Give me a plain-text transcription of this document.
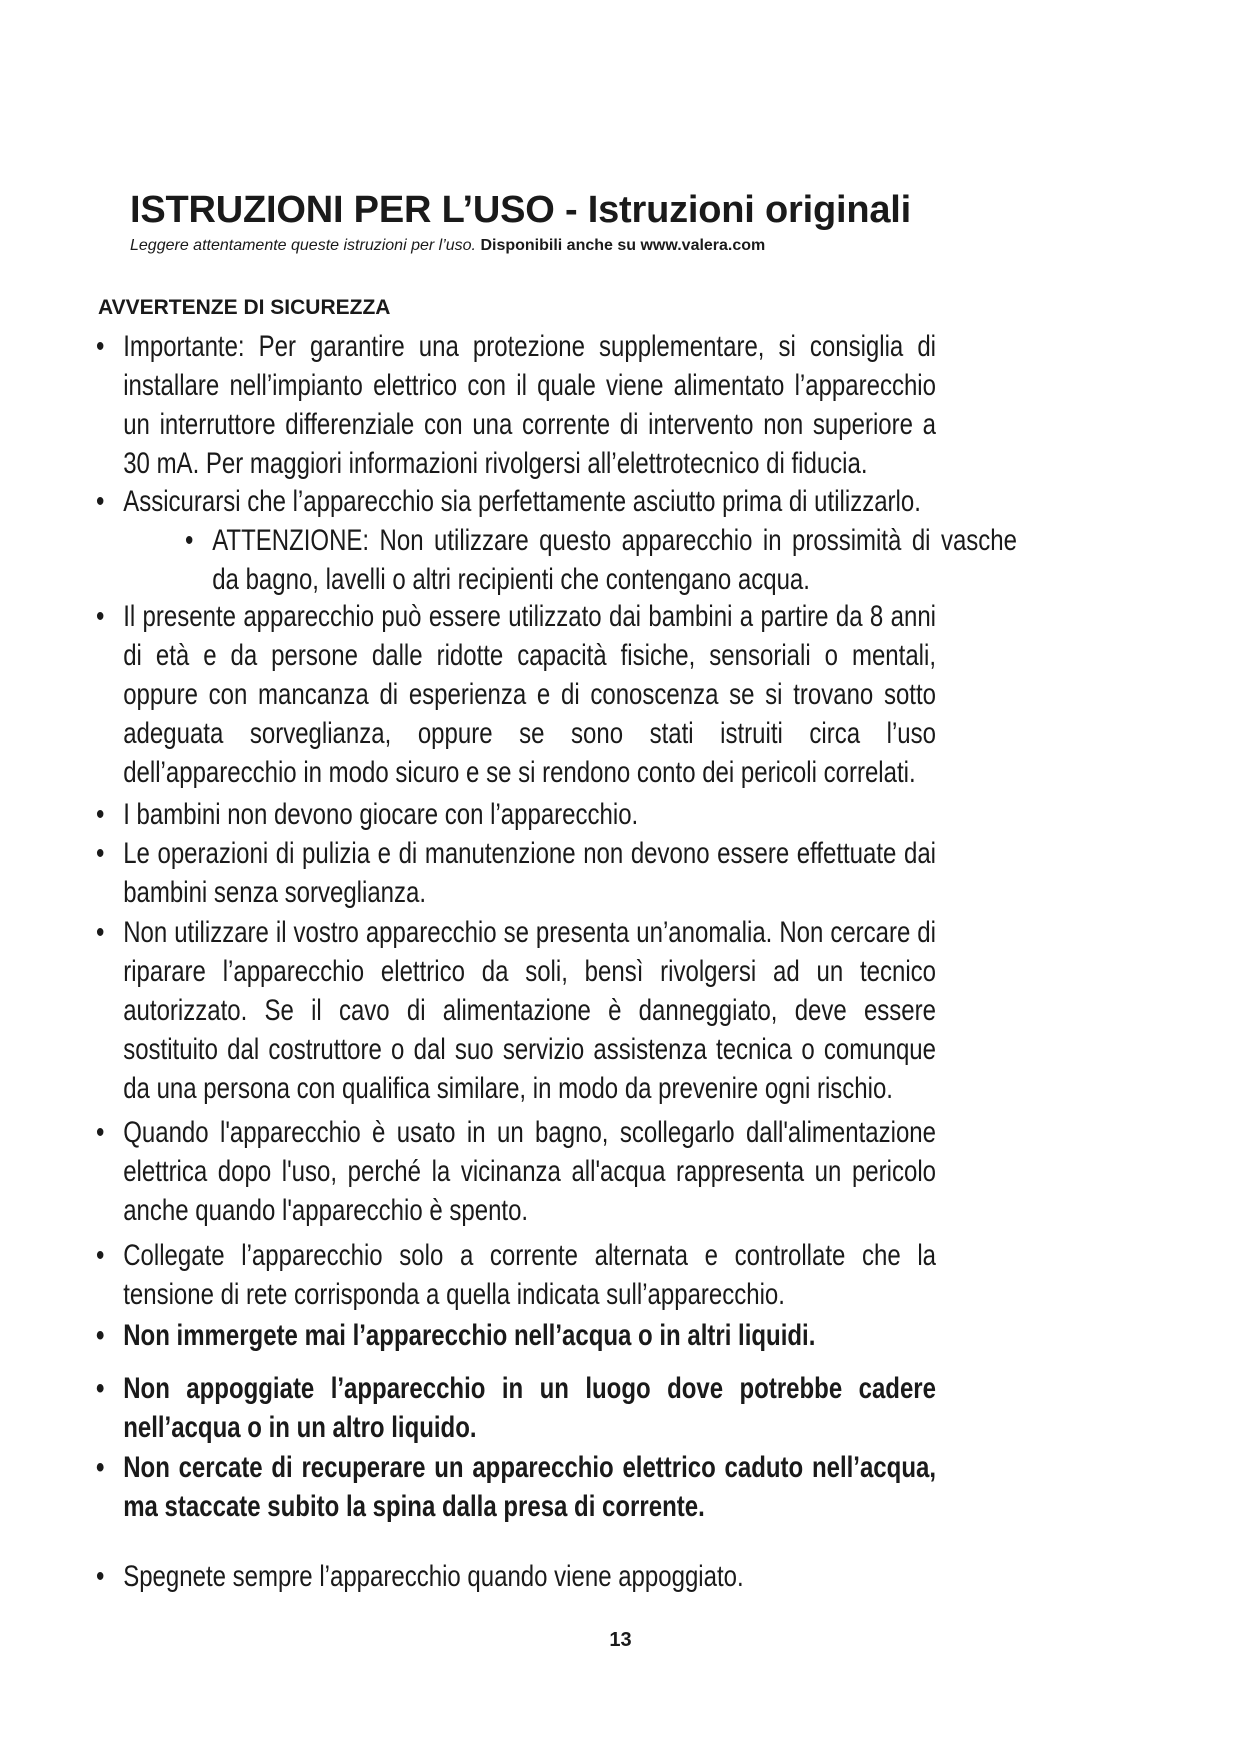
ISTRUZIONI PER L’USO - Istruzioni originali
Leggere attentamente queste istruzioni per l’uso. Disponibili anche su www.valera.com
AVVERTENZE DI SICUREZZA
• Importante: Per garantire una protezione supplementare, si consiglia di installare nell’impianto elettrico con il quale viene alimentato l’apparecchio un interruttore differenziale con una corrente di intervento non superiore a 30 mA. Per maggiori informazioni rivolgersi all’elettrotecnico di fiducia.
• Assicurarsi che l’apparecchio sia perfettamente asciutto prima di utilizzarlo.
• ATTENZIONE: Non utilizzare questo apparecchio in prossimità di vasche da bagno, lavelli o altri recipienti che contengano acqua.
• Il presente apparecchio può essere utilizzato dai bambini a partire da 8 anni di età e da persone dalle ridotte capacità fisiche, sensoriali o mentali, oppure con mancanza di esperienza e di conoscenza se si trovano sotto adeguata sorveglianza, oppure se sono stati istruiti circa l’uso dell’apparecchio in modo sicuro e se si rendono conto dei pericoli correlati.
• I bambini non devono giocare con l’apparecchio.
• Le operazioni di pulizia e di manutenzione non devono essere effettuate dai bambini senza sorveglianza.
• Non utilizzare il vostro apparecchio se presenta un’anomalia. Non cercare di riparare l’apparecchio elettrico da soli, bensì rivolgersi ad un tecnico autorizzato. Se il cavo di alimentazione è danneggiato, deve essere sostituito dal costruttore o dal suo servizio assistenza tecnica o comunque da una persona con qualifica similare, in modo da prevenire ogni rischio.
• Quando l'apparecchio è usato in un bagno, scollegarlo dall'alimentazione elettrica dopo l'uso, perché la vicinanza all'acqua rappresenta un pericolo anche quando l'apparecchio è spento.
• Collegate l’apparecchio solo a corrente alternata e controllate che la tensione di rete corrisponda a quella indicata sull’apparecchio.
• Non immergete mai l’apparecchio nell’acqua o in altri liquidi.
• Non appoggiate l’apparecchio in un luogo dove potrebbe cadere nell’acqua o in un altro liquido.
• Non cercate di recuperare un apparecchio elettrico caduto nell’acqua, ma staccate subito la spina dalla presa di corrente.
• Spegnete sempre l’apparecchio quando viene appoggiato.
13
